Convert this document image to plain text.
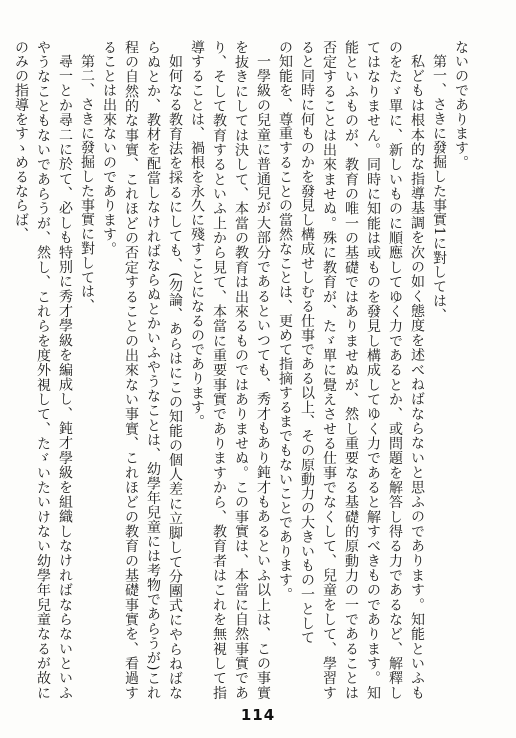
ないのであります。

第一、さきに發掘した事實1に對しては、

私どもは根本的な指導基調を次の如く態度を述べねばならないと思ふのであります。知能といふものをたゞ單に、新しいものに順應してゆく力であるとか、或問題を解答し得る力であるなど、解釋してはなりません。同時に知能は或ものを發見し構成してゆく力であると解すべきものであります。知能といふものが、教育の唯一の基礎ではありませぬが、然し重要なる基礎的原動力の一であることは否定することは出來ませぬ。殊に教育が、たゞ單に覺えさせる仕事でなくして、兒童をして、學習すると同時に何ものかを發見し構成せしむる仕事である以上、その原動力の大きいもの一として

の知能を、尊重することの當然なことは、更めて指摘するまでもないことであります。

一學級の兒童に普通兒が大部分であるといつても、秀才もあり鈍才もあるといふ以上は、この事實を抜きにしては決して、本當の教育は出來るものではありませぬ。この事實は、本當に自然事實であり、そして教育するといふ上から見て、本當に重要事實でありますから、教育者はこれを無視して指導することは、禍根を永久に殘すことになるのであります。

如何なる教育法を採るにしても、(勿論、あらはにこの知能の個人差に立脚して分團式にやらねばならぬとか、教材を配當しなければならぬとかいふやうなことは、幼學年兒童には考物であらうが)これ程の自然的な事實、これほどの否定することの出來ない事實、これほどの教育の基礎事實を、看過することは出來ないのであります。

第二、さきに發掘した事實に對しては、

尋一とか尋二に於て、必しも特別に秀才學級を編成し、鈍才學級を組織しなければならないといふやうなこともないであらうが、然し、これらを度外視して、たゞいたいけない幼學年兒童なるが故にのみの指導をすゝめるならば、

114
